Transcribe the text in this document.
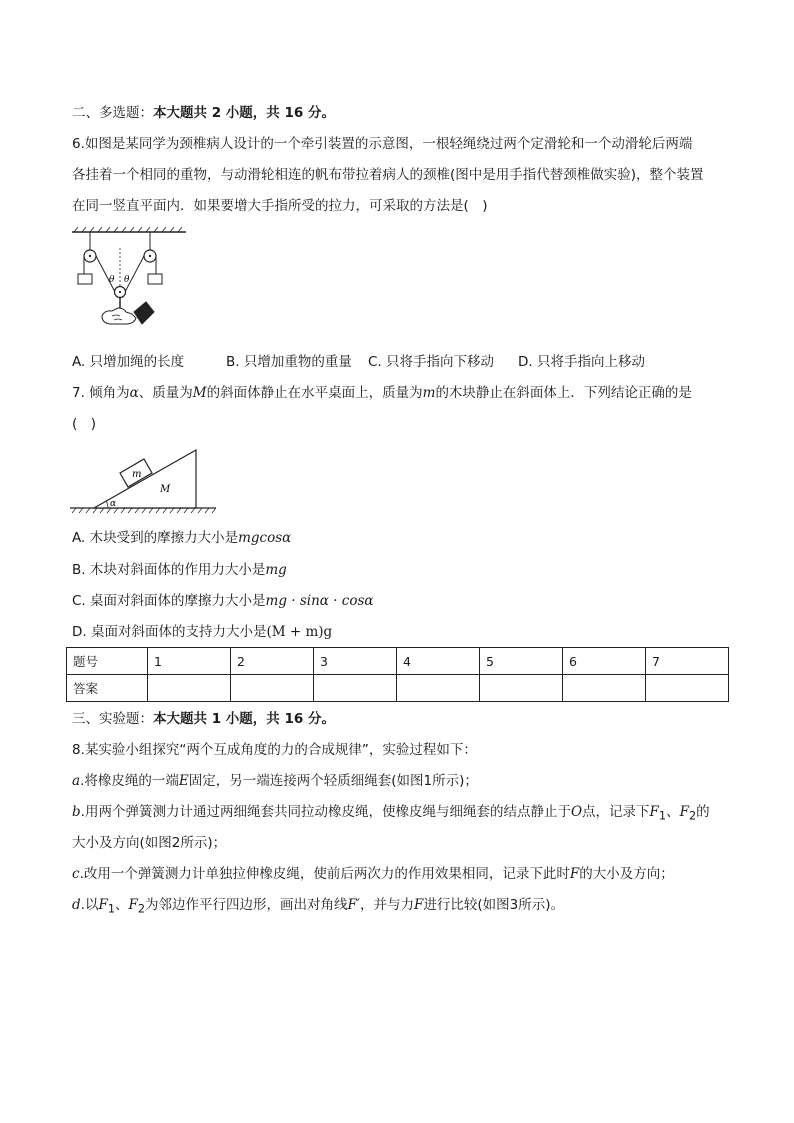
二、多选题：本大题共 2 小题，共 16 分。
6.如图是某同学为颈椎病人设计的一个牵引装置的示意图，一根轻绳绕过两个定滑轮和一个动滑轮后两端
各挂着一个相同的重物，与动滑轮相连的帆布带拉着病人的颈椎(图中是用手指代替颈椎做实验)，整个装置
在同一竖直平面内．如果要增大手指所受的拉力，可采取的方法是(　)
θ θ
A. 只增加绳的长度	B. 只增加重物的重量 C. 只将手指向下移动 D. 只将手指向上移动
7. 倾角为α、质量为M的斜面体静止在水平桌面上，质量为m的木块静止在斜面体上．下列结论正确的是
(　)
α
m
M
A. 木块受到的摩擦力大小是mgcosα
B. 木块对斜面体的作用力大小是mg
C. 桌面对斜面体的摩擦力大小是mg · sinα · cosα
D. 桌面对斜面体的支持力大小是(M + m)g
题号	1	2	3	4	5	6	7
答案							
三、实验题：本大题共 1 小题，共 16 分。
8.某实验小组探究“两个互成角度的力的合成规律”，实验过程如下：
a.将橡皮绳的一端E固定，另一端连接两个轻质细绳套(如图1所示)；
b.用两个弹簧测力计通过两细绳套共同拉动橡皮绳，使橡皮绳与细绳套的结点静止于O点，记录下$F_1$、$F_2$的
大小及方向(如图2所示)；
c.改用一个弹簧测力计单独拉伸橡皮绳，使前后两次力的作用效果相同，记录下此时F的大小及方向；
d.以$F_1$、$F_2$为邻边作平行四边形，画出对角线F′，并与力F进行比较(如图3所示)。
